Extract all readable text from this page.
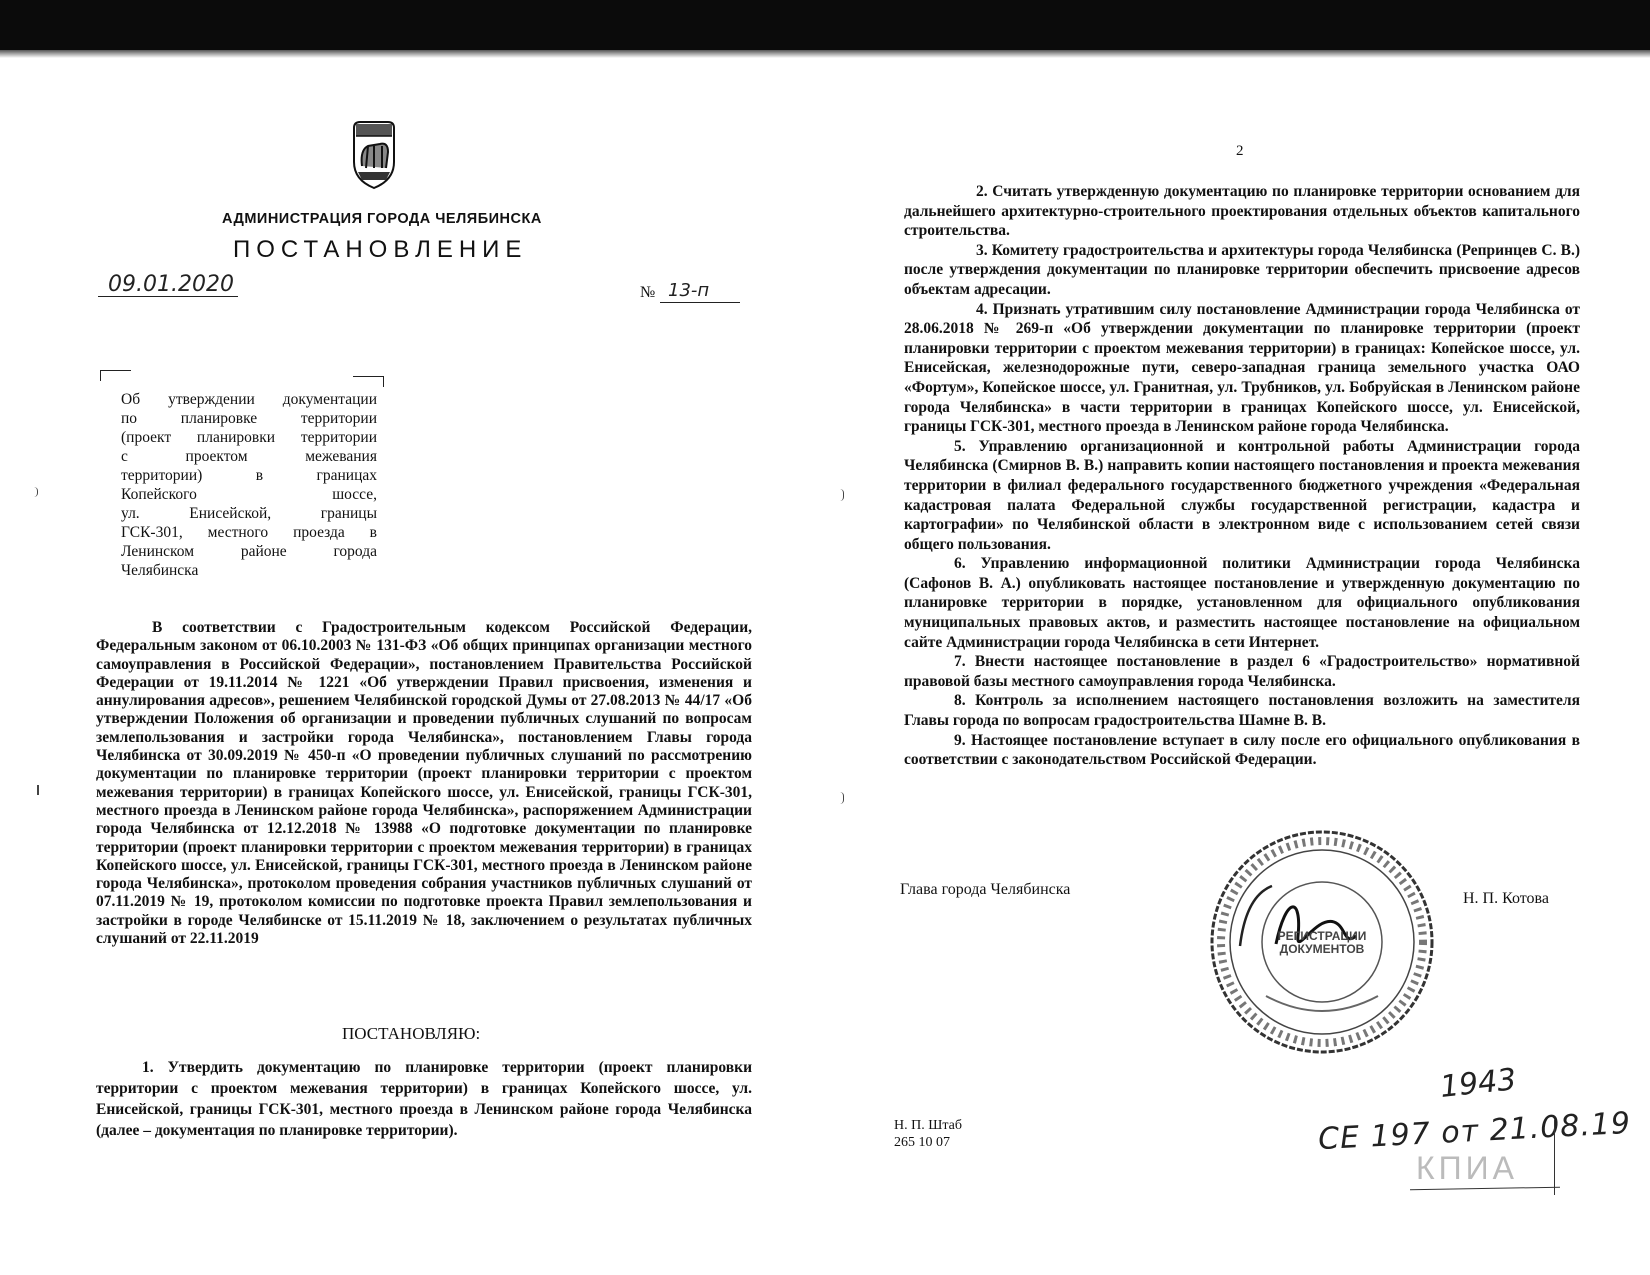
АДМИНИСТРАЦИЯ ГОРОДА ЧЕЛЯБИНСКА
ПОСТАНОВЛЕНИЕ
09.01.2020	№ 13-п
Об утверждении документации
по планировке территории
(проект планировки территории
с проектом межевания
территории) в границах
Копейского шоссе,
ул. Енисейской, границы
ГСК-301, местного проезда в
Ленинском районе города
Челябинска

В соответствии с Градостроительным кодексом Российской Федерации, Федеральным законом от 06.10.2003 № 131-ФЗ «Об общих принципах организации местного самоуправления в Российской Федерации», постановлением Правительства Российской Федерации от 19.11.2014 № 1221 «Об утверждении Правил присвоения, изменения и аннулирования адресов», решением Челябинской городской Думы от 27.08.2013 № 44/17 «Об утверждении Положения об организации и проведении публичных слушаний по вопросам землепользования и застройки города Челябинска», постановлением Главы города Челябинска от 30.09.2019 № 450-п «О проведении публичных слушаний по рассмотрению документации по планировке территории (проект планировки территории с проектом межевания территории) в границах Копейского шоссе, ул. Енисейской, границы ГСК-301, местного проезда в Ленинском районе города Челябинска», распоряжением Администрации города Челябинска от 12.12.2018 № 13988 «О подготовке документации по планировке территории (проект планировки территории с проектом межевания территории) в границах Копейского шоссе, ул. Енисейской, границы ГСК-301, местного проезда в Ленинском районе города Челябинска», протоколом проведения собрания участников публичных слушаний от 07.11.2019 № 19, протоколом комиссии по подготовке проекта Правил землепользования и застройки в городе Челябинске от 15.11.2019 № 18, заключением о результатах публичных слушаний от 22.11.2019

ПОСТАНОВЛЯЮ:

1. Утвердить документацию по планировке территории (проект планировки территории с проектом межевания территории) в границах Копейского шоссе, ул. Енисейской, границы ГСК-301, местного проезда в Ленинском районе города Челябинска (далее – документация по планировке территории).

2
2. Считать утвержденную документацию по планировке территории основанием для дальнейшего архитектурно-строительного проектирования отдельных объектов капитального строительства.
3. Комитету градостроительства и архитектуры города Челябинска (Репринцев С. В.) после утверждения документации по планировке территории обеспечить присвоение адресов объектам адресации.
4. Признать утратившим силу постановление Администрации города Челябинска от 28.06.2018 № 269-п «Об утверждении документации по планировке территории (проект планировки территории с проектом межевания территории) в границах: Копейское шоссе, ул. Енисейская, железнодорожные пути, северо-западная граница земельного участка ОАО «Фортум», Копейское шоссе, ул. Гранитная, ул. Трубников, ул. Бобруйская в Ленинском районе города Челябинска» в части территории в границах Копейского шоссе, ул. Енисейской, границы ГСК-301, местного проезда в Ленинском районе города Челябинска.
5. Управлению организационной и контрольной работы Администрации города Челябинска (Смирнов В. В.) направить копии настоящего постановления и проекта межевания территории в филиал федерального государственного бюджетного учреждения «Федеральная кадастровая палата Федеральной службы государственной регистрации, кадастра и картографии» по Челябинской области в электронном виде с использованием сетей связи общего пользования.
6. Управлению информационной политики Администрации города Челябинска (Сафонов В. А.) опубликовать настоящее постановление и утвержденную документацию по планировке территории в порядке, установленном для официального опубликования муниципальных правовых актов, и разместить настоящее постановление на официальном сайте Администрации города Челябинска в сети Интернет.
7. Внести настоящее постановление в раздел 6 «Градостроительство» нормативной правовой базы местного самоуправления города Челябинска.
8. Контроль за исполнением настоящего постановления возложить на заместителя Главы города по вопросам градостроительства Шамне В. В.
9. Настоящее постановление вступает в силу после его официального опубликования в соответствии с законодательством Российской Федерации.
РЕГИСТРАЦИИ ДОКУМЕНТОВ
Глава города Челябинска
Н. П. Котова
Н. П. Штаб
265 10 07
1943
СЕ 197 от 21.08.19
КПИА
